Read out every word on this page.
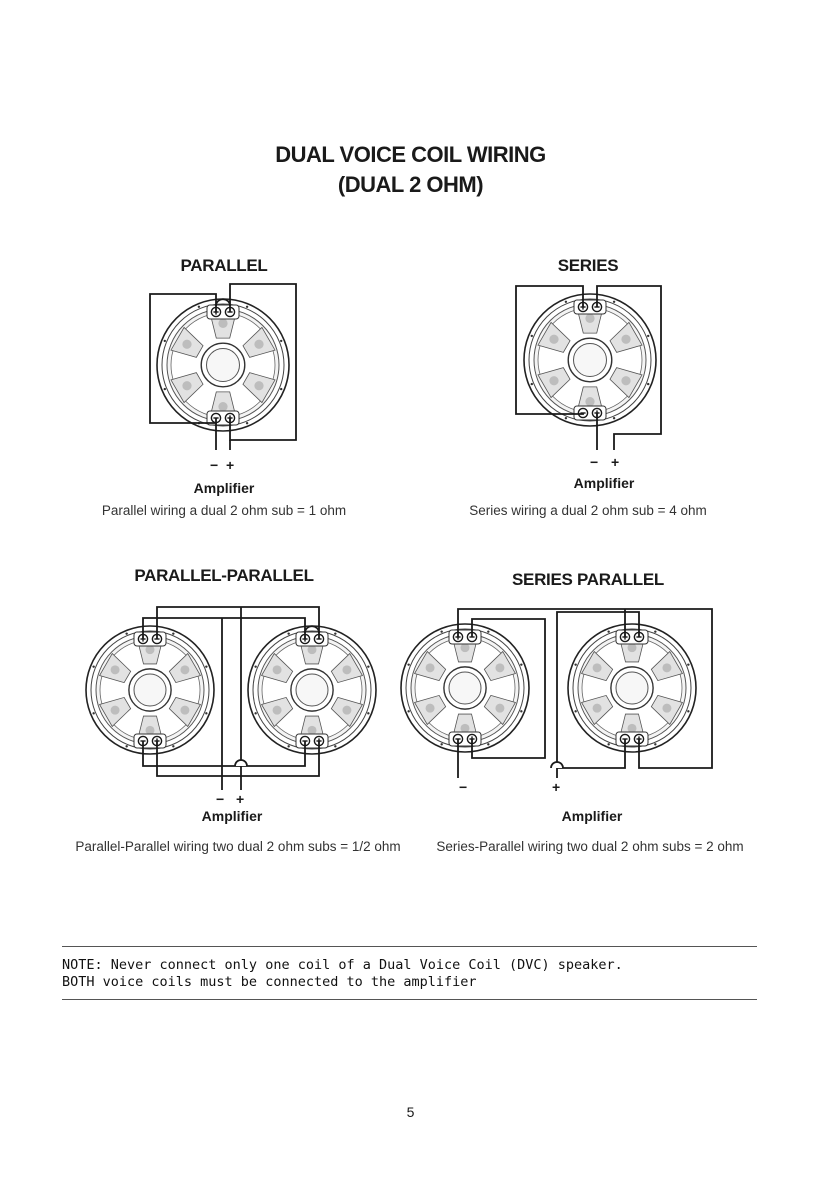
DUAL VOICE COIL WIRING
(DUAL 2 OHM)
PARALLEL	SERIES
PARALLEL-PARALLEL	SERIES PARALLEL
− +	− +
− +
−	+
Amplifier	Amplifier
Amplifier	Amplifier
Parallel wiring a dual 2 ohm sub = 1 ohm	Series wiring a dual 2 ohm sub = 4 ohm
Parallel-Parallel wiring two dual 2 ohm subs = 1/2 ohm	Series-Parallel wiring two dual 2 ohm subs = 2 ohm
NOTE: Never connect only one coil of a Dual Voice Coil (DVC) speaker.
BOTH voice coils must be connected to the amplifier
5
